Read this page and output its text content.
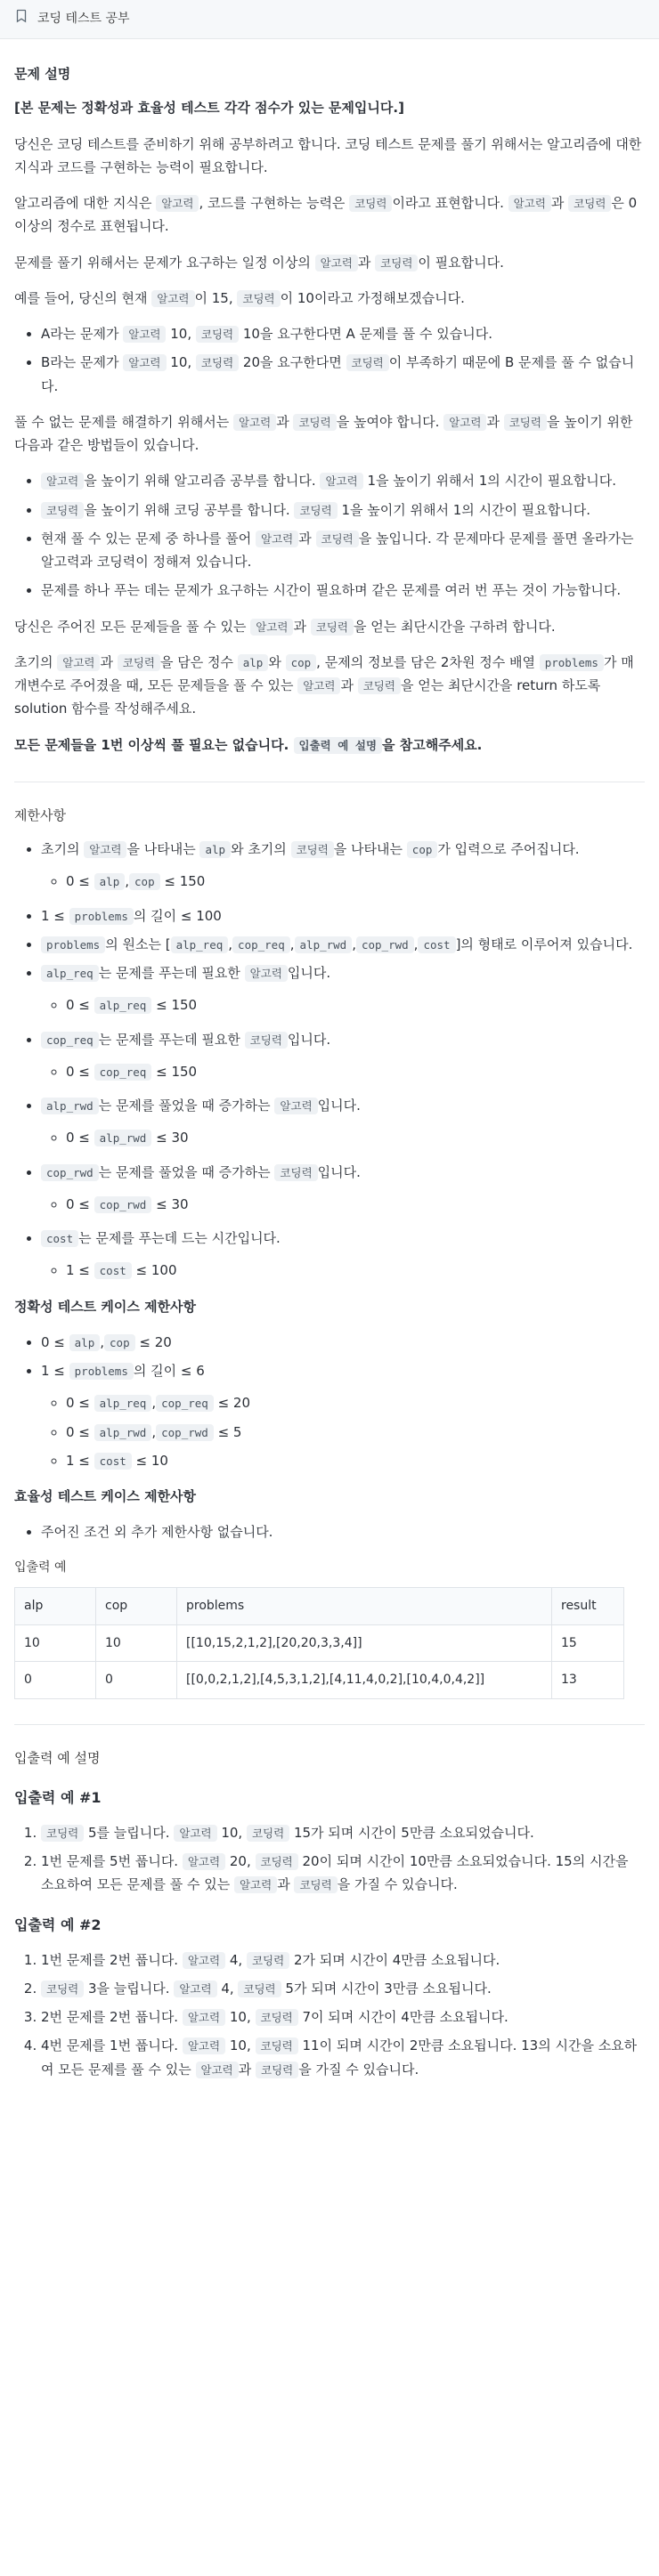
코딩 테스트 공부
문제 설명

[본 문제는 정확성과 효율성 테스트 각각 점수가 있는 문제입니다.]

당신은 코딩 테스트를 준비하기 위해 공부하려고 합니다. 코딩 테스트 문제를 풀기 위해서는 알고리즘에 대한 지식과 코드를 구현하는 능력이 필요합니다.

알고리즘에 대한 지식은 알고력 , 코드를 구현하는 능력은 코딩력 이라고 표현합니다. 알고력 과 코딩력 은 0 이상의 정수로 표현됩니다.

문제를 풀기 위해서는 문제가 요구하는 일정 이상의 알고력 과 코딩력 이 필요합니다.

예를 들어, 당신의 현재 알고력 이 15, 코딩력 이 10이라고 가정해보겠습니다.

• A라는 문제가 알고력 10, 코딩력 10을 요구한다면 A 문제를 풀 수 있습니다.
• B라는 문제가 알고력 10, 코딩력 20을 요구한다면 코딩력 이 부족하기 때문에 B 문제를 풀 수 없습니다.

풀 수 없는 문제를 해결하기 위해서는 알고력 과 코딩력 을 높여야 합니다. 알고력 과 코딩력 을 높이기 위한 다음과 같은 방법들이 있습니다.

• 알고력 을 높이기 위해 알고리즘 공부를 합니다. 알고력 1을 높이기 위해서 1의 시간이 필요합니다.
• 코딩력 을 높이기 위해 코딩 공부를 합니다. 코딩력 1을 높이기 위해서 1의 시간이 필요합니다.
• 현재 풀 수 있는 문제 중 하나를 풀어 알고력 과 코딩력 을 높입니다. 각 문제마다 문제를 풀면 올라가는 알고력과 코딩력이 정해져 있습니다.
• 문제를 하나 푸는 데는 문제가 요구하는 시간이 필요하며 같은 문제를 여러 번 푸는 것이 가능합니다.

당신은 주어진 모든 문제들을 풀 수 있는 알고력 과 코딩력 을 얻는 최단시간을 구하려 합니다.

초기의 알고력 과 코딩력 을 담은 정수 alp 와 cop , 문제의 정보를 담은 2차원 정수 배열 problems 가 매개변수로 주어졌을 때, 모든 문제들을 풀 수 있는 알고력 과 코딩력 을 얻는 최단시간을 return 하도록 solution 함수를 작성해주세요.

모든 문제들을 1번 이상씩 풀 필요는 없습니다. 입출력 예 설명 을 참고해주세요.

제한사항
• 초기의 알고력 을 나타내는 alp 와 초기의 코딩력 을 나타내는 cop 가 입력으로 주어집니다.
◦ 0 ≤ alp , cop ≤ 150
• 1 ≤ problems 의 길이 ≤ 100
• problems 의 원소는 [ alp_req , cop_req , alp_rwd , cop_rwd , cost ]의 형태로 이루어져 있습니다.
• alp_req 는 문제를 푸는데 필요한 알고력 입니다.
◦ 0 ≤ alp_req ≤ 150
• cop_req 는 문제를 푸는데 필요한 코딩력 입니다.
◦ 0 ≤ cop_req ≤ 150
• alp_rwd 는 문제를 풀었을 때 증가하는 알고력 입니다.
◦ 0 ≤ alp_rwd ≤ 30
• cop_rwd 는 문제를 풀었을 때 증가하는 코딩력 입니다.
◦ 0 ≤ cop_rwd ≤ 30
• cost 는 문제를 푸는데 드는 시간입니다.
◦ 1 ≤ cost ≤ 100
정확성 테스트 케이스 제한사항
• 0 ≤ alp , cop ≤ 20
• 1 ≤ problems 의 길이 ≤ 6
◦ 0 ≤ alp_req , cop_req ≤ 20
◦ 0 ≤ alp_rwd , cop_rwd ≤ 5
◦ 1 ≤ cost ≤ 10
효율성 테스트 케이스 제한사항
• 주어진 조건 외 추가 제한사항 없습니다.
입출력 예
alp	cop	problems	result
10	10	[[10,15,2,1,2],[20,20,3,3,4]]	15
0	0	[[0,0,2,1,2],[4,5,3,1,2],[4,11,4,0,2],[10,4,0,4,2]]	13
입출력 예 설명
입출력 예 #1
1. 코딩력 5를 늘립니다. 알고력 10, 코딩력 15가 되며 시간이 5만큼 소요되었습니다.
2. 1번 문제를 5번 풉니다. 알고력 20, 코딩력 20이 되며 시간이 10만큼 소요되었습니다. 15의 시간을 소요하여 모든 문제를 풀 수 있는 알고력 과 코딩력 을 가질 수 있습니다.
입출력 예 #2
1. 1번 문제를 2번 풉니다. 알고력 4, 코딩력 2가 되며 시간이 4만큼 소요됩니다.
2. 코딩력 3을 늘립니다. 알고력 4, 코딩력 5가 되며 시간이 3만큼 소요됩니다.
3. 2번 문제를 2번 풉니다. 알고력 10, 코딩력 7이 되며 시간이 4만큼 소요됩니다.
4. 4번 문제를 1번 풉니다. 알고력 10, 코딩력 11이 되며 시간이 2만큼 소요됩니다. 13의 시간을 소요하여 모든 문제를 풀 수 있는 알고력 과 코딩력 을 가질 수 있습니다.
